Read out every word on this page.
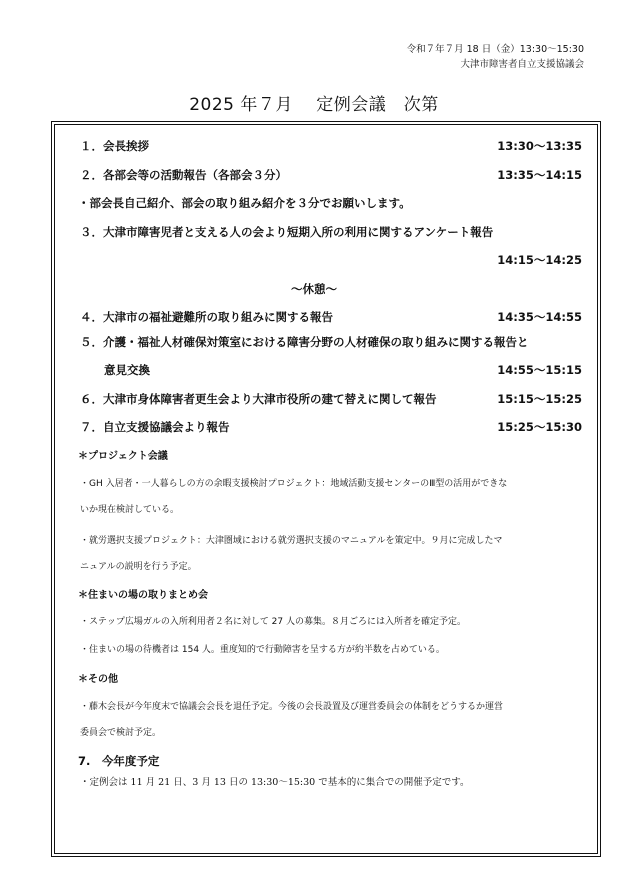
令和７年７月 18 日（金）13:30〜15:30
大津市障害者自立支援協議会
2025 年７月　 定例会議　次第
１．会長挨拶	13:30〜13:35
２．各部会等の活動報告（各部会３分）	13:35〜14:15
・部会長自己紹介、部会の取り組み紹介を３分でお願いします。
３．大津市障害児者と支える人の会より短期入所の利用に関するアンケート報告
14:15〜14:25
〜休憩〜
４．大津市の福祉避難所の取り組みに関する報告	14:35〜14:55
５．介護・福祉人材確保対策室における障害分野の人材確保の取り組みに関する報告と
意見交換	14:55〜15:15
６．大津市身体障害者更生会より大津市役所の建て替えに関して報告	15:15〜15:25
７．自立支援協議会より報告	15:25〜15:30
＊プロジェクト会議
・GH 入居者・一人暮らしの方の余暇支援検討プロジェクト：地域活動支援センターのⅢ型の活用ができな
いか現在検討している。
・就労選択支援プロジェクト：大津圏域における就労選択支援のマニュアルを策定中。９月に完成したマ
ニュアルの説明を行う予定。
＊住まいの場の取りまとめ会
・ステップ広場ガルの入所利用者２名に対して 27 人の募集。８月ごろには入所者を確定予定。
・住まいの場の待機者は 154 人。重度知的で行動障害を呈する方が約半数を占めている。
＊その他
・藤木会長が今年度末で協議会会長を退任予定。今後の会長設置及び運営委員会の体制をどうするか運営
委員会で検討予定。
7.　今年度予定
・定例会は 11 月 21 日、3 月 13 日の 13:30〜15:30 で基本的に集合での開催予定です。
